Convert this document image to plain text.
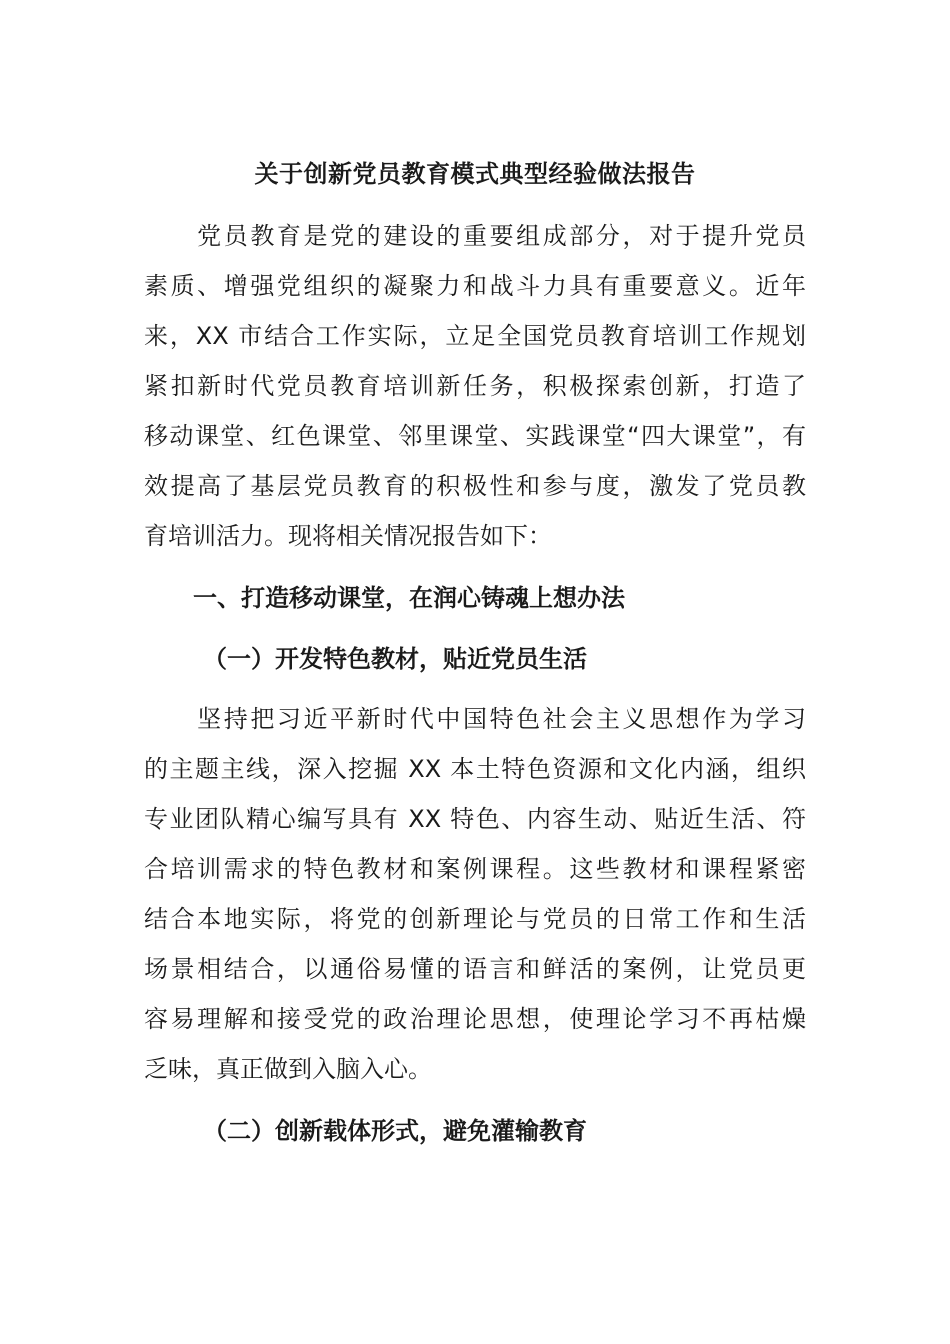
关于创新党员教育模式典型经验做法报告
　　党员教育是党的建设的重要组成部分，对于提升党员
素质、增强党组织的凝聚力和战斗力具有重要意义。近年
来，XX 市结合工作实际，立足全国党员教育培训工作规划
紧扣新时代党员教育培训新任务，积极探索创新，打造了
移动课堂、红色课堂、邻里课堂、实践课堂“四大课堂”，有
效提高了基层党员教育的积极性和参与度，激发了党员教
育培训活力。现将相关情况报告如下：
一、打造移动课堂，在润心铸魂上想办法
（一）开发特色教材，贴近党员生活
　　坚持把习近平新时代中国特色社会主义思想作为学习
的主题主线，深入挖掘 XX 本土特色资源和文化内涵，组织
专业团队精心编写具有 XX 特色、内容生动、贴近生活、符
合培训需求的特色教材和案例课程。这些教材和课程紧密
结合本地实际，将党的创新理论与党员的日常工作和生活
场景相结合，以通俗易懂的语言和鲜活的案例，让党员更
容易理解和接受党的政治理论思想，使理论学习不再枯燥
乏味，真正做到入脑入心。
（二）创新载体形式，避免灌输教育
